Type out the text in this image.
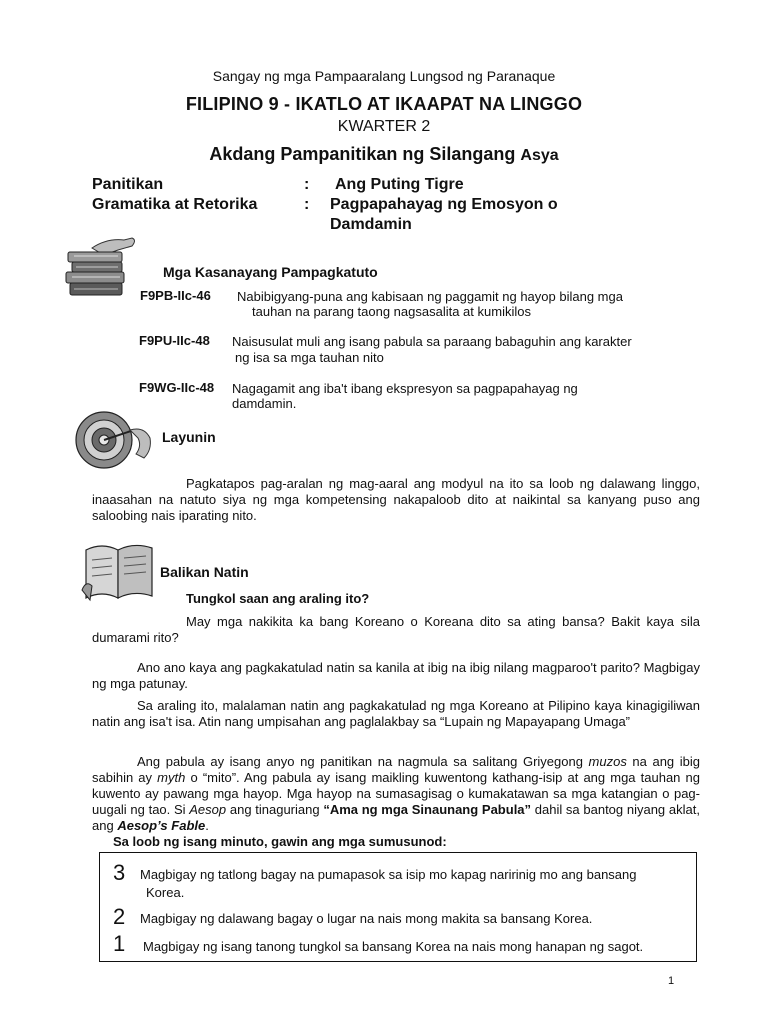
Sangay ng mga Pampaaralang Lungsod ng Paranaque
FILIPINO 9 - IKATLO AT IKAAPAT NA LINGGO
KWARTER 2
Akdang Pampanitikan ng Silangang Asya
Panitikan	: Ang Puting Tigre
Gramatika at Retorika	: Pagpapahayag ng Emosyon o
Damdamin
Mga Kasanayang Pampagkatuto
F9PB-IIc-46 Nabibigyang-puna ang kabisaan ng paggamit ng hayop bilang mga
tauhan na parang taong nagsasalita at kumikilos
F9PU-IIc-48 Naisusulat muli ang isang pabula sa paraang babaguhin ang karakter
ng isa sa mga tauhan nito
F9WG-IIc-48 Nagagamit ang iba't ibang ekspresyon sa pagpapahayag ng
damdamin.
Layunin
Pagkatapos pag-aralan ng mag-aaral ang modyul na ito sa loob ng dalawang linggo, inaasahan na natuto siya ng mga kompetensing nakapaloob dito at naikintal sa kanyang puso ang saloobing nais iparating nito.
Balikan Natin
Tungkol saan ang araling ito?
May mga nakikita ka bang Koreano o Koreana dito sa ating bansa? Bakit kaya sila dumarami rito?
Ano ano kaya ang pagkakatulad natin sa kanila at ibig na ibig nilang magparoo't parito? Magbigay ng mga patunay.
Sa araling ito, malalaman natin ang pagkakatulad ng mga Koreano at Pilipino kaya kinagigiliwan natin ang isa't isa. Atin nang umpisahan ang paglalakbay sa “Lupain ng Mapayapang Umaga”
Ang pabula ay isang anyo ng panitikan na nagmula sa salitang Griyegong muzos na ang ibig sabihin ay myth o “mito”. Ang pabula ay isang maikling kuwentong kathang-isip at ang mga tauhan ng kuwento ay pawang mga hayop. Mga hayop na sumasagisag o kumakatawan sa mga katangian o pag-uugali ng tao. Si Aesop ang tinaguriang “Ama ng mga Sinaunang Pabula” dahil sa bantog niyang aklat, ang Aesop’s Fable.
Sa loob ng isang minuto, gawin ang mga sumusunod:
3 Magbigay ng tatlong bagay na pumapasok sa isip mo kapag naririnig mo ang bansang
Korea.
2 Magbigay ng dalawang bagay o lugar na nais mong makita sa bansang Korea.
1 Magbigay ng isang tanong tungkol sa bansang Korea na nais mong hanapan ng sagot.
1
